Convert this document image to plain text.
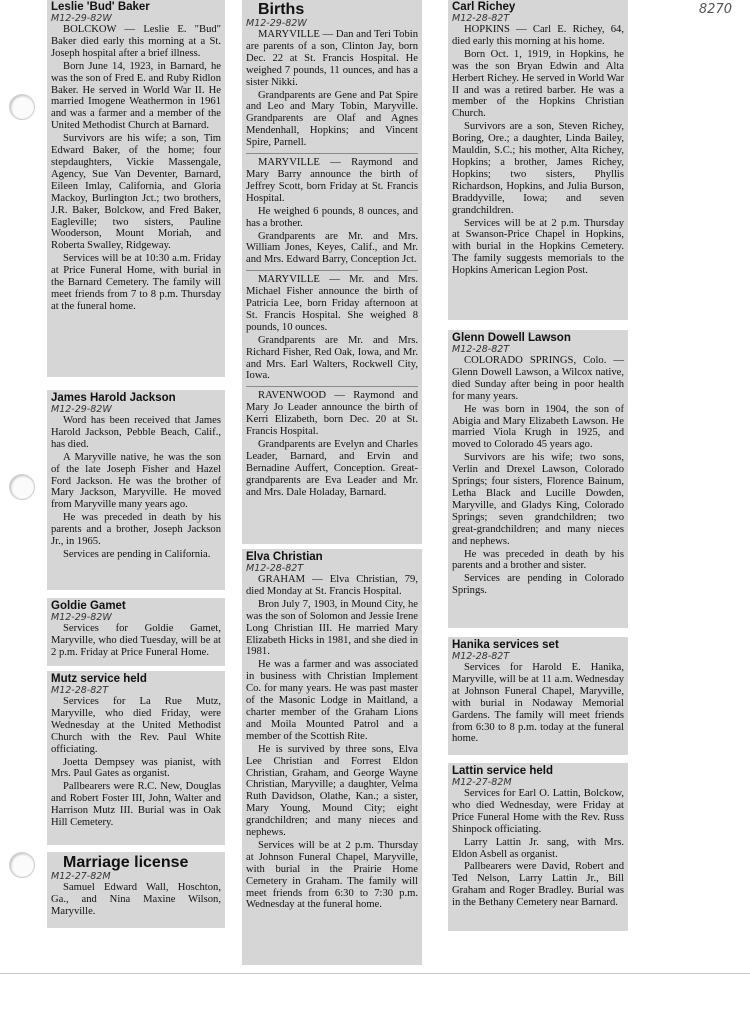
8270

Leslie 'Bud' Baker

M12-29-82W

BOLCKOW — Leslie E. "Bud" Baker died early this morning at a St. Joseph hospital after a brief illness.

Born June 14, 1923, in Barnard, he was the son of Fred E. and Ruby Ridlon Baker. He served in World War II. He married Imogene Weathermon in 1961 and was a farmer and a member of the United Methodist Church at Barnard.

Survivors are his wife; a son, Tim Edward Baker, of the home; four stepdaughters, Vickie Massengale, Agency, Sue Van Deventer, Barnard, Eileen Imlay, California, and Gloria Mackoy, Burlington Jct.; two brothers, J.R. Baker, Bolckow, and Fred Baker, Eagleville; two sisters, Pauline Wooderson, Mount Moriah, and Roberta Swalley, Ridgeway.

Services will be at 10:30 a.m. Friday at Price Funeral Home, with burial in the Barnard Cemetery. The family will meet friends from 7 to 8 p.m. Thursday at the funeral home.

James Harold Jackson

M12-29-82W

Word has been received that James Harold Jackson, Pebble Beach, Calif., has died.

A Maryville native, he was the son of the late Joseph Fisher and Hazel Ford Jackson. He was the brother of Mary Jackson, Maryville. He moved from Maryville many years ago.

He was preceded in death by his parents and a brother, Joseph Jackson Jr., in 1965.

Services are pending in California.

Goldie Gamet

M12-29-82W

Services for Goldie Gamet, Maryville, who died Tuesday, will be at 2 p.m. Friday at Price Funeral Home.

Mutz service held

M12-28-82T

Services for La Rue Mutz, Maryville, who died Friday, were Wednesday at the United Methodist Church with the Rev. Paul White officiating.

Joetta Dempsey was pianist, with Mrs. Paul Gates as organist.

Pallbearers were R.C. New, Douglas and Robert Foster III, John, Walter and Harrison Mutz III. Burial was in Oak Hill Cemetery.

Marriage license

M12-27-82M

Samuel Edward Wall, Hoschton, Ga., and Nina Maxine Wilson, Maryville.

Births

M12-29-82W

MARYVILLE — Dan and Teri Tobin are parents of a son, Clinton Jay, born Dec. 22 at St. Francis Hospital. He weighed 7 pounds, 11 ounces, and has a sister Nikki.

Grandparents are Gene and Pat Spire and Leo and Mary Tobin, Maryville. Grandparents are Olaf and Agnes Mendenhall, Hopkins; and Vincent Spire, Parnell.

MARYVILLE — Raymond and Mary Barry announce the birth of Jeffrey Scott, born Friday at St. Francis Hospital.

He weighed 6 pounds, 8 ounces, and has a brother.

Grandparents are Mr. and Mrs. William Jones, Keyes, Calif., and Mr. and Mrs. Edward Barry, Conception Jct.

MARYVILLE — Mr. and Mrs. Michael Fisher announce the birth of Patricia Lee, born Friday afternoon at St. Francis Hospital. She weighed 8 pounds, 10 ounces.

Grandparents are Mr. and Mrs. Richard Fisher, Red Oak, Iowa, and Mr. and Mrs. Earl Walters, Rockwell City, Iowa.

RAVENWOOD — Raymond and Mary Jo Leader announce the birth of Kerri Elizabeth, born Dec. 20 at St. Francis Hospital.

Grandparents are Evelyn and Charles Leader, Barnard, and Ervin and Bernadine Auffert, Conception. Great-grandparents are Eva Leader and Mr. and Mrs. Dale Holaday, Barnard.

Elva Christian

M12-28-82T

GRAHAM — Elva Christian, 79, died Monday at St. Francis Hospital.

Bron July 7, 1903, in Mound City, he was the son of Solomon and Jessie Irene Long Christian III. He married Mary Elizabeth Hicks in 1981, and she died in 1981.

He was a farmer and was associated in business with Christian Implement Co. for many years. He was past master of the Masonic Lodge in Maitland, a charter member of the Graham Lions and Moila Mounted Patrol and a member of the Scottish Rite.

He is survived by three sons, Elva Lee Christian and Forrest Eldon Christian, Graham, and George Wayne Christian, Maryville; a daughter, Velma Ruth Davidson, Olathe, Kan.; a sister, Mary Young, Mound City; eight grandchildren; and many nieces and nephews.

Services will be at 2 p.m. Thursday at Johnson Funeral Chapel, Maryville, with burial in the Prairie Home Cemetery in Graham. The family will meet friends from 6:30 to 7:30 p.m. Wednesday at the funeral home.

Carl Richey

M12-28-82T

HOPKINS — Carl E. Richey, 64, died early this morning at his home.

Born Oct. 1, 1919, in Hopkins, he was the son Bryan Edwin and Alta Herbert Richey. He served in World War II and was a retired barber. He was a member of the Hopkins Christian Church.

Survivors are a son, Steven Richey, Boring, Ore.; a daughter, Linda Bailey, Mauldin, S.C.; his mother, Alta Richey, Hopkins; a brother, James Richey, Hopkins; two sisters, Phyllis Richardson, Hopkins, and Julia Burson, Braddyville, Iowa; and seven grandchildren.

Services will be at 2 p.m. Thursday at Swanson-Price Chapel in Hopkins, with burial in the Hopkins Cemetery. The family suggests memorials to the Hopkins American Legion Post.

Glenn Dowell Lawson

M12-28-82T

COLORADO SPRINGS, Colo. — Glenn Dowell Lawson, a Wilcox native, died Sunday after being in poor health for many years.

He was born in 1904, the son of Abigia and Mary Elizabeth Lawson. He married Viola Krugh in 1925, and moved to Colorado 45 years ago.

Survivors are his wife; two sons, Verlin and Drexel Lawson, Colorado Springs; four sisters, Florence Bainum, Letha Black and Lucille Dowden, Maryville, and Gladys King, Colorado Springs; seven grandchildren; two great-grandchildren; and many nieces and nephews.

He was preceded in death by his parents and a brother and sister.

Services are pending in Colorado Springs.

Hanika services set

M12-28-82T

Services for Harold E. Hanika, Maryville, will be at 11 a.m. Wednesday at Johnson Funeral Chapel, Maryville, with burial in Nodaway Memorial Gardens. The family will meet friends from 6:30 to 8 p.m. today at the funeral home.

Lattin service held

M12-27-82M

Services for Earl O. Lattin, Bolckow, who died Wednesday, were Friday at Price Funeral Home with the Rev. Russ Shinpock officiating.

Larry Lattin Jr. sang, with Mrs. Eldon Asbell as organist.

Pallbearers were David, Robert and Ted Nelson, Larry Lattin Jr., Bill Graham and Roger Bradley. Burial was in the Bethany Cemetery near Barnard.
